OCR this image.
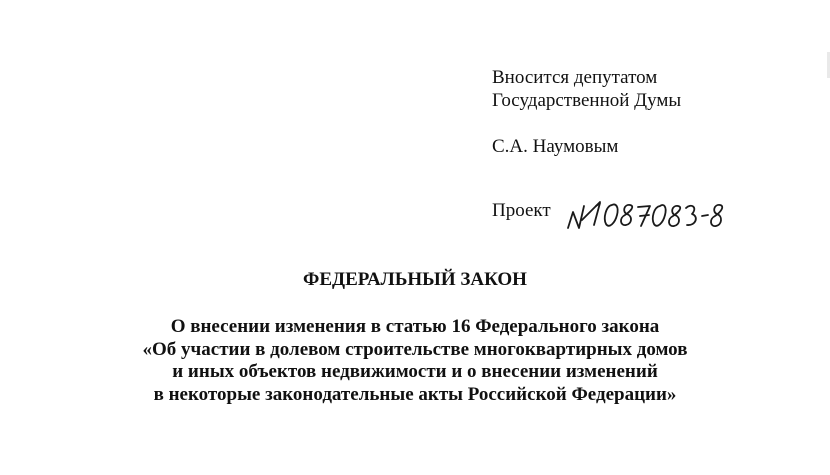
Вносится депутатом
Государственной Думы
С.А. Наумовым
Проект
ФЕДЕРАЛЬНЫЙ ЗАКОН
О внесении изменения в статью 16 Федерального закона
«Об участии в долевом строительстве многоквартирных домов
и иных объектов недвижимости и о внесении изменений
в некоторые законодательные акты Российской Федерации»
